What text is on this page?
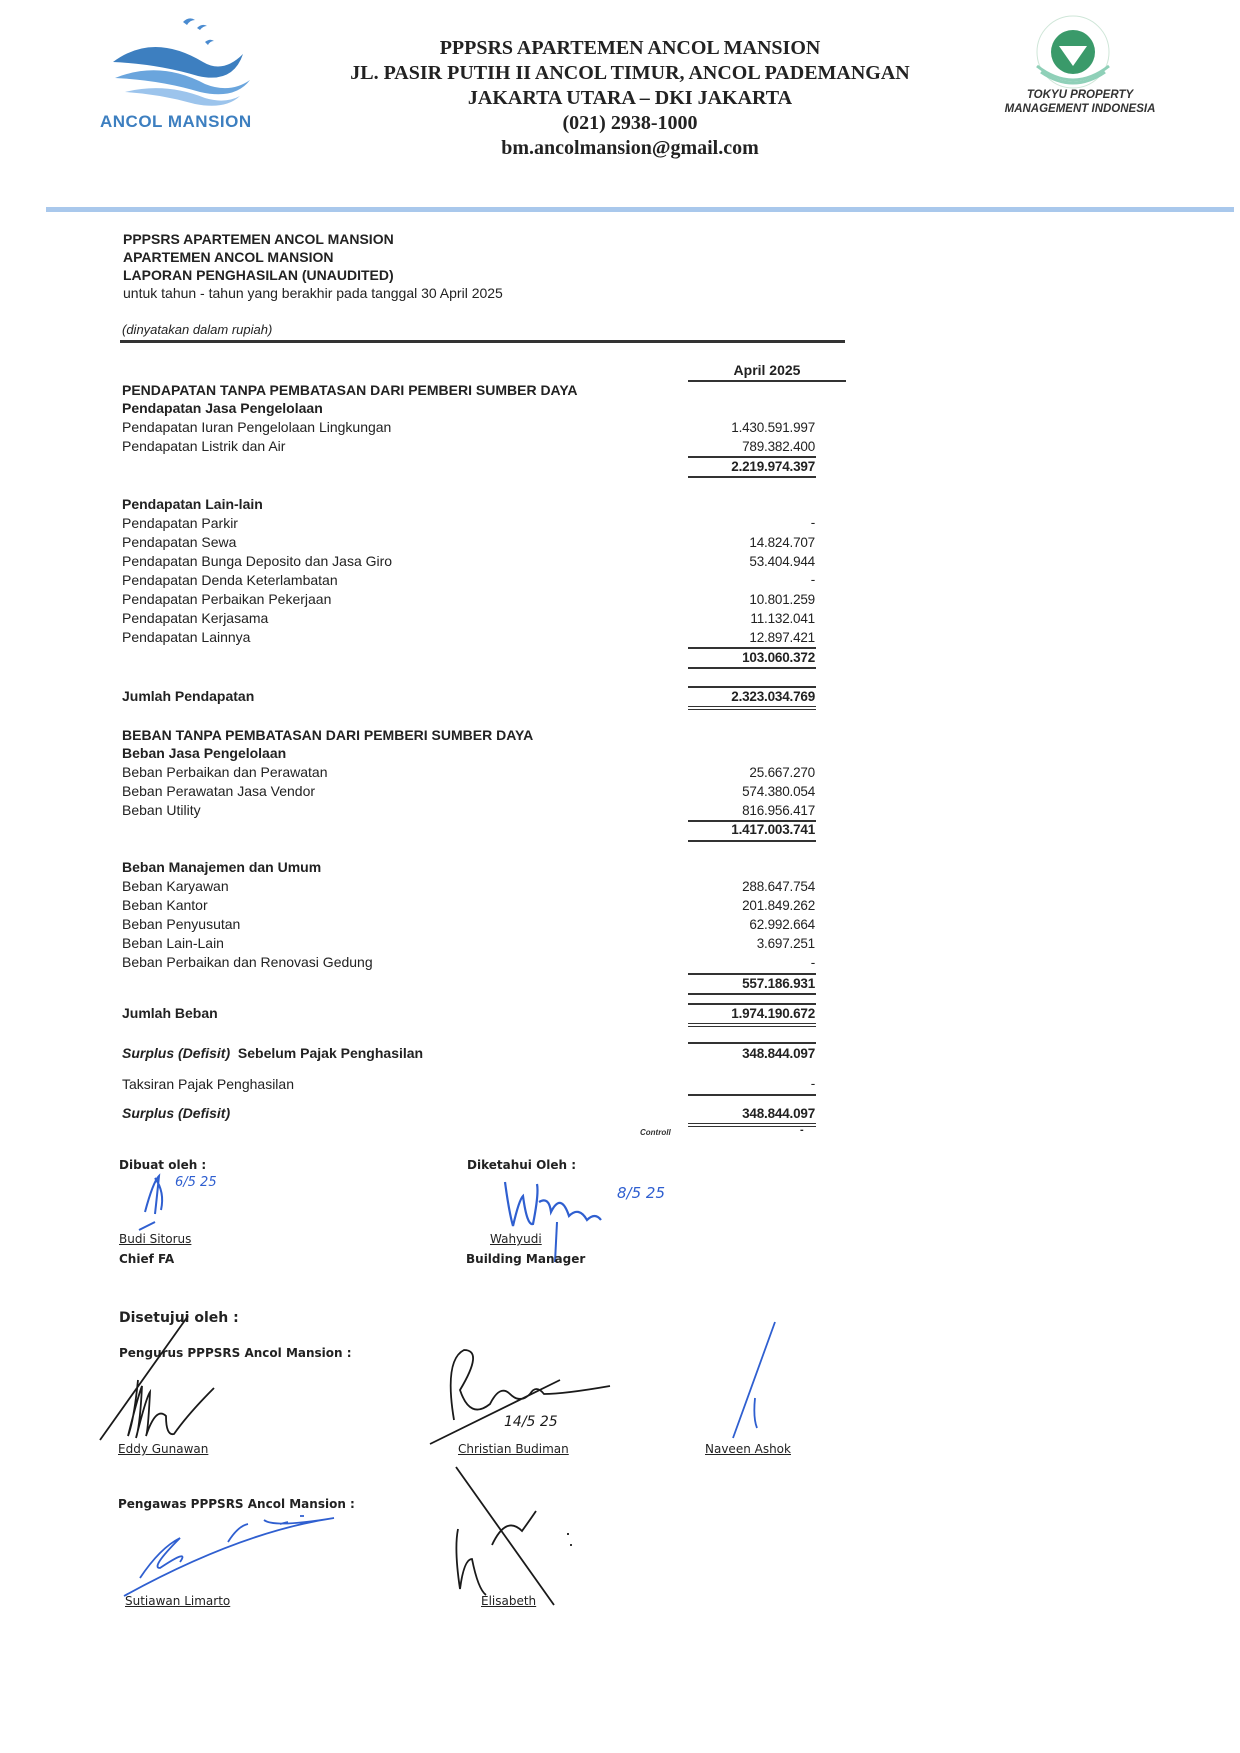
ANCOL MANSION
PPPSRS APARTEMEN ANCOL MANSION
JL. PASIR PUTIH II ANCOL TIMUR, ANCOL PADEMANGAN
JAKARTA UTARA – DKI JAKARTA
(021) 2938-1000
bm.ancolmansion@gmail.com
TOKYU PROPERTY
MANAGEMENT INDONESIA
PPPSRS APARTEMEN ANCOL MANSION
APARTEMEN ANCOL MANSION
LAPORAN PENGHASILAN (UNAUDITED)
untuk tahun - tahun yang berakhir pada tanggal 30 April 2025
(dinyatakan dalam rupiah)
April 2025
PENDAPATAN TANPA PEMBATASAN DARI PEMBERI SUMBER DAYA
Pendapatan Jasa Pengelolaan
Pendapatan Iuran Pengelolaan Lingkungan	1.430.591.997
Pendapatan Listrik dan Air	789.382.400
2.219.974.397
Pendapatan Lain-lain
Pendapatan Parkir	-
Pendapatan Sewa	14.824.707
Pendapatan Bunga Deposito dan Jasa Giro	53.404.944
Pendapatan Denda Keterlambatan	-
Pendapatan Perbaikan Pekerjaan	10.801.259
Pendapatan Kerjasama	11.132.041
Pendapatan Lainnya	12.897.421
103.060.372
Jumlah Pendapatan	2.323.034.769
BEBAN TANPA PEMBATASAN DARI PEMBERI SUMBER DAYA
Beban Jasa Pengelolaan
Beban Perbaikan dan Perawatan	25.667.270
Beban Perawatan Jasa Vendor	574.380.054
Beban Utility	816.956.417
1.417.003.741
Beban Manajemen dan Umum
Beban Karyawan	288.647.754
Beban Kantor	201.849.262
Beban Penyusutan	62.992.664
Beban Lain-Lain	3.697.251
Beban Perbaikan dan Renovasi Gedung	-
557.186.931
Jumlah Beban	1.974.190.672
Surplus (Defisit) Sebelum Pajak Penghasilan	348.844.097
Taksiran Pajak Penghasilan	-
Surplus (Defisit)	348.844.097
Controll	-
Dibuat oleh :
6/5 25
Budi Sitorus
Chief FA
Diketahui Oleh :
8/5 25
Wahyudi
Building Manager
Disetujui oleh :
Pengurus PPPSRS Ancol Mansion :
14/5 25
Eddy Gunawan	Christian Budiman	Naveen Ashok
Pengawas PPPSRS Ancol Mansion :
Sutiawan Limarto	Elisabeth
